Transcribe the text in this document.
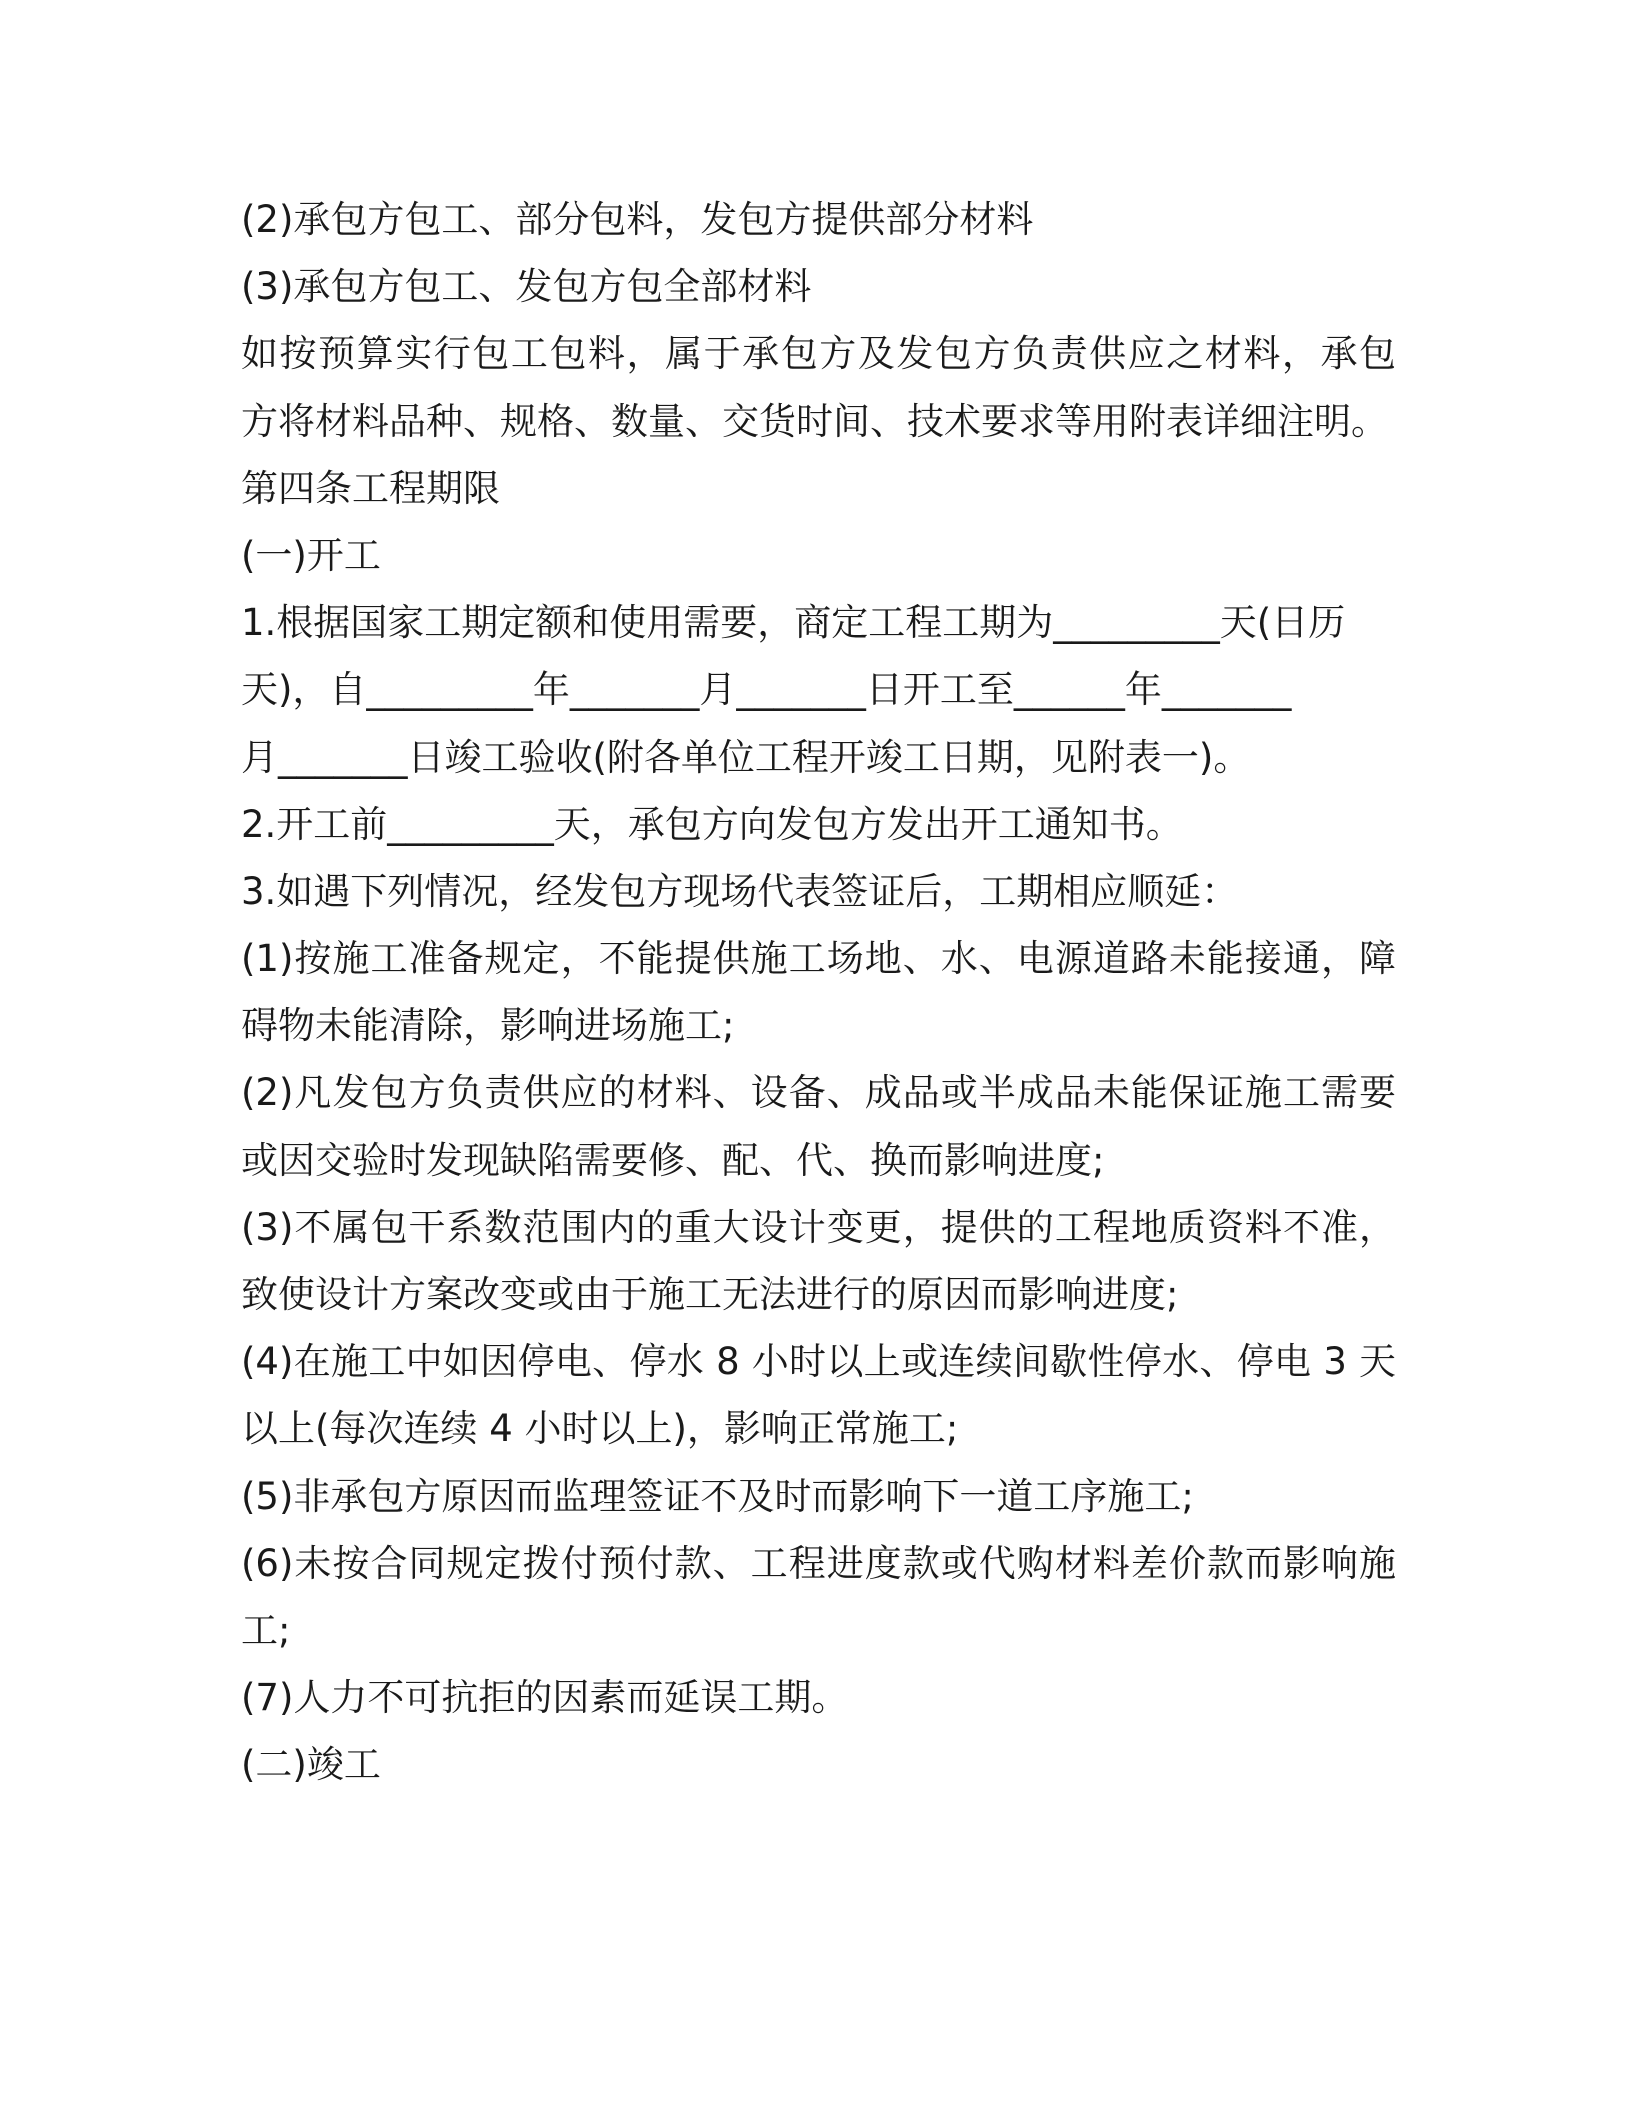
(2)承包方包工、部分包料，发包方提供部分材料
(3)承包方包工、发包方包全部材料
如按预算实行包工包料，属于承包方及发包方负责供应之材料，承包
方将材料品种、规格、数量、交货时间、技术要求等用附表详细注明。
第四条工程期限
(一)开工
1.根据国家工期定额和使用需要，商定工程工期为_________天(日历
天)，自_________年_______月_______日开工至______年_______
月_______日竣工验收(附各单位工程开竣工日期，见附表一)。
2.开工前_________天，承包方向发包方发出开工通知书。
3.如遇下列情况，经发包方现场代表签证后，工期相应顺延：
(1)按施工准备规定，不能提供施工场地、水、电源道路未能接通，障
碍物未能清除，影响进场施工;
(2)凡发包方负责供应的材料、设备、成品或半成品未能保证施工需要
或因交验时发现缺陷需要修、配、代、换而影响进度;
(3)不属包干系数范围内的重大设计变更，提供的工程地质资料不准，
致使设计方案改变或由于施工无法进行的原因而影响进度;
(4)在施工中如因停电、停水 8 小时以上或连续间歇性停水、停电 3 天
以上(每次连续 4 小时以上)，影响正常施工;
(5)非承包方原因而监理签证不及时而影响下一道工序施工;
(6)未按合同规定拨付预付款、工程进度款或代购材料差价款而影响施
工;
(7)人力不可抗拒的因素而延误工期。
(二)竣工
